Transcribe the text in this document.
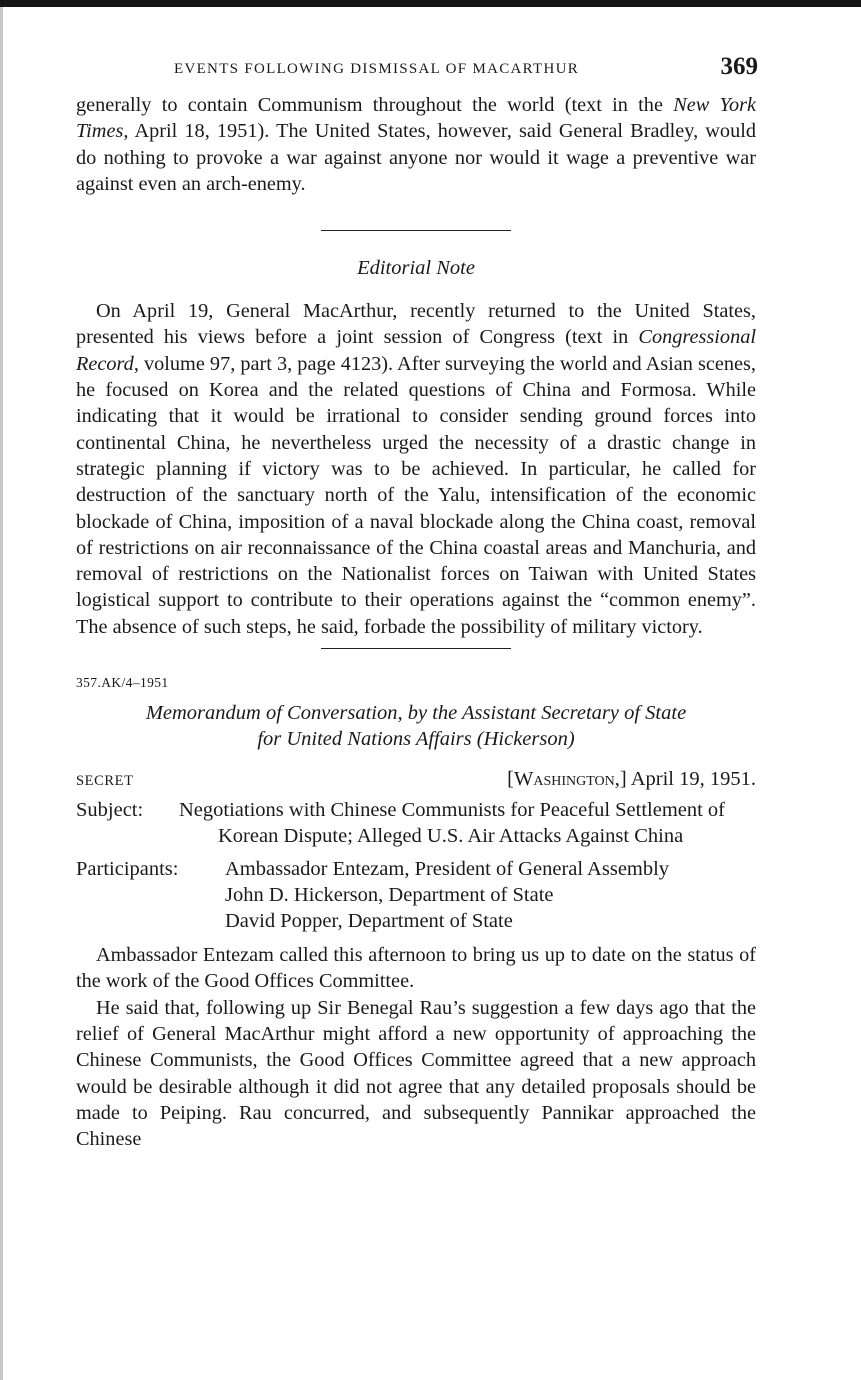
EVENTS FOLLOWING DISMISSAL OF MACARTHUR	369

generally to contain Communism throughout the world (text in the New York Times, April 18, 1951). The United States, however, said General Bradley, would do nothing to provoke a war against anyone nor would it wage a preventive war against even an arch-enemy.

Editorial Note

On April 19, General MacArthur, recently returned to the United States, presented his views before a joint session of Congress (text in Congressional Record, volume 97, part 3, page 4123). After surveying the world and Asian scenes, he focused on Korea and the related questions of China and Formosa. While indicating that it would be irrational to consider sending ground forces into continental China, he nevertheless urged the necessity of a drastic change in strategic planning if victory was to be achieved. In particular, he called for destruction of the sanctuary north of the Yalu, intensification of the economic blockade of China, imposition of a naval blockade along the China coast, removal of restrictions on air reconnaissance of the China coastal areas and Manchuria, and removal of restrictions on the Nationalist forces on Taiwan with United States logistical support to contribute to their operations against the “common enemy”. The absence of such steps, he said, forbade the possibility of military victory.

357.AK/4–1951
Memorandum of Conversation, by the Assistant Secretary of State
for United Nations Affairs (Hickerson)
SECRET	[Washington,] April 19, 1951.
Subject:	Negotiations with Chinese Communists for Peaceful Settlement of Korean Dispute; Alleged U.S. Air Attacks Against China
Participants:	Ambassador Entezam, President of General Assembly
John D. Hickerson, Department of State
David Popper, Department of State

Ambassador Entezam called this afternoon to bring us up to date on the status of the work of the Good Offices Committee.

He said that, following up Sir Benegal Rau’s suggestion a few days ago that the relief of General MacArthur might afford a new opportunity of approaching the Chinese Communists, the Good Offices Committee agreed that a new approach would be desirable although it did not agree that any detailed proposals should be made to Peiping. Rau concurred, and subsequently Pannikar approached the Chinese
